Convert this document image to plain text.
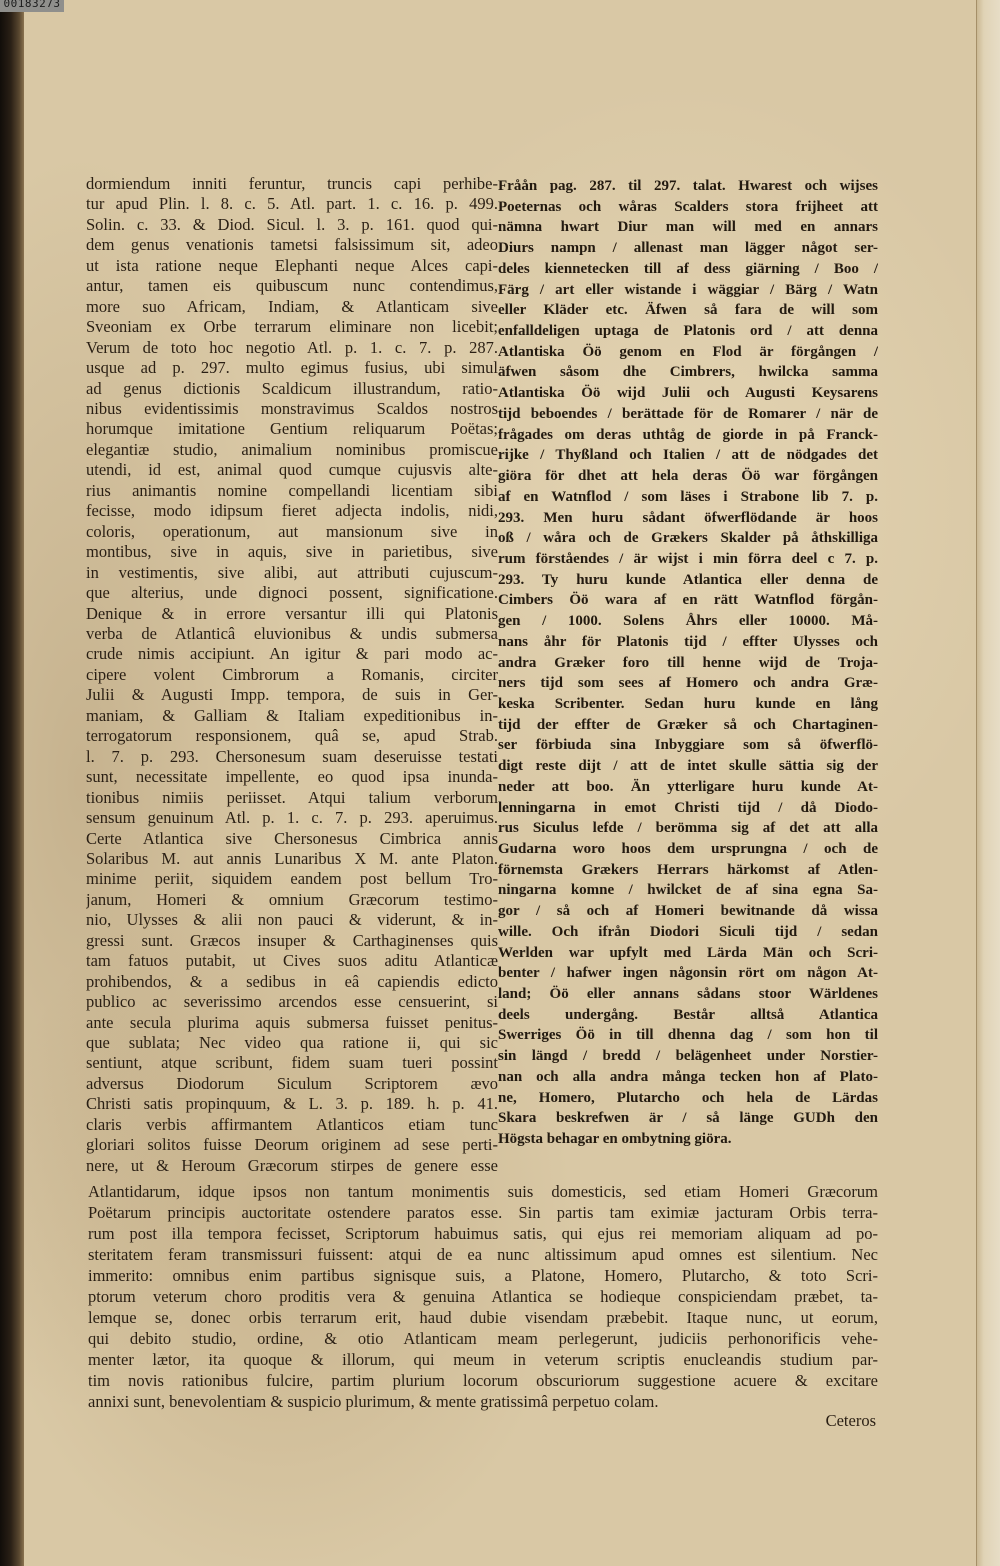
00183273
dormiendum inniti feruntur, truncis capi perhibe-
tur apud Plin. l. 8. c. 5. Atl. part. 1. c. 16. p. 499.
Solin. c. 33. & Diod. Sicul. l. 3. p. 161. quod qui-
dem genus venationis tametsi falsissimum sit, adeo
ut ista ratione neque Elephanti neque Alces capi-
antur, tamen eis quibuscum nunc contendimus,
more suo Africam, Indiam, & Atlanticam sive
Sveoniam ex Orbe terrarum eliminare non licebit;
Verum de toto hoc negotio Atl. p. 1. c. 7. p. 287.
usque ad p. 297. multo egimus fusius, ubi simul
ad genus dictionis Scaldicum illustrandum, ratio-
nibus evidentissimis monstravimus Scaldos nostros
horumque imitatione Gentium reliquarum Poëtas;
elegantiæ studio, animalium nominibus promiscue
utendi, id est, animal quod cumque cujusvis alte-
rius animantis nomine compellandi licentiam sibi
fecisse, modo idipsum fieret adjecta indolis, nidi,
coloris, operationum, aut mansionum sive in
montibus, sive in aquis, sive in parietibus, sive
in vestimentis, sive alibi, aut attributi cujuscum-
que alterius, unde dignoci possent, significatione.
Denique & in errore versantur illi qui Platonis
verba de Atlanticâ eluvionibus & undis submersa
crude nimis accipiunt. An igitur & pari modo ac-
cipere volent Cimbrorum a Romanis, circiter
Julii & Augusti Impp. tempora, de suis in Ger-
maniam, & Galliam & Italiam expeditionibus in-
terrogatorum responsionem, quâ se, apud Strab.
l. 7. p. 293. Chersonesum suam deseruisse testati
sunt, necessitate impellente, eo quod ipsa inunda-
tionibus nimiis periisset. Atqui talium verborum
sensum genuinum Atl. p. 1. c. 7. p. 293. aperuimus.
Certe Atlantica sive Chersonesus Cimbrica annis
Solaribus M. aut annis Lunaribus X M. ante Platon.
minime periit, siquidem eandem post bellum Tro-
janum, Homeri & omnium Græcorum testimo-
nio, Ulysses & alii non pauci & viderunt, & in-
gressi sunt. Græcos insuper & Carthaginenses quis
tam fatuos putabit, ut Cives suos aditu Atlanticæ
prohibendos, & a sedibus in eâ capiendis edicto
publico ac severissimo arcendos esse censuerint, si
ante secula plurima aquis submersa fuisset penitus-
que sublata; Nec video qua ratione ii, qui sic
sentiunt, atque scribunt, fidem suam tueri possint
adversus Diodorum Siculum Scriptorem ævo
Christi satis propinquum, & L. 3. p. 189. h. p. 41.
claris verbis affirmantem Atlanticos etiam tunc
gloriari solitos fuisse Deorum originem ad sese perti-
nere, ut & Heroum Græcorum stirpes de genere esse
Fråån pag. 287. til 297. talat. Hwarest och wijses
Poeternas och wåras Scalders stora frijheet att
nämna hwart Diur man will med en annars
Diurs nampn / allenast man lägger något ser-
deles kiennetecken till af dess giärning / Boo /
Färg / art eller wistande i wäggiar / Bärg / Watn
eller Kläder etc. Äfwen så fara de will som
enfalldeligen uptaga de Platonis ord / att denna
Atlantiska Öö genom en Flod är förgången /
äfwen såsom dhe Cimbrers, hwilcka samma
Atlantiska Öö wijd Julii och Augusti Keysarens
tijd beboendes / berättade för de Romarer / när de
frågades om deras uthtåg de giorde in på Franck-
rijke / Thyßland och Italien / att de nödgades det
giöra för dhet att hela deras Öö war förgången
af en Watnflod / som läses i Strabone lib 7. p.
293. Men huru sådant öfwerflödande är hoos
oß / wåra och de Grækers Skalder på åthskilliga
rum förståendes / är wijst i min förra deel c 7. p.
293. Ty huru kunde Atlantica eller denna de
Cimbers Öö wara af en rätt Watnflod förgån-
gen / 1000. Solens Åhrs eller 10000. Må-
nans åhr för Platonis tijd / effter Ulysses och
andra Græker foro till henne wijd de Troja-
ners tijd som sees af Homero och andra Græ-
keska Scribenter. Sedan huru kunde en lång
tijd der effter de Græker så och Chartaginen-
ser förbiuda sina Inbyggiare som så öfwerflö-
digt reste dijt / att de intet skulle sättia sig der
neder att boo. Än ytterligare huru kunde At-
lenningarna in emot Christi tijd / då Diodo-
rus Siculus lefde / berömma sig af det att alla
Gudarna woro hoos dem ursprungna / och de
förnemsta Grækers Herrars härkomst af Atlen-
ningarna komne / hwilcket de af sina egna Sa-
gor / så och af Homeri bewitnande då wissa
wille. Och ifrån Diodori Siculi tijd / sedan
Werlden war upfylt med Lärda Män och Scri-
benter / hafwer ingen någonsin rört om någon At-
land; Öö eller annans sådans stoor Wärldenes
deels undergång. Består alltså Atlantica
Swerriges Öö in till dhenna dag / som hon til
sin längd / bredd / belägenheet under Norstier-
nan och alla andra många tecken hon af Plato-
ne, Homero, Plutarcho och hela de Lärdas
Skara beskrefwen är / så länge GUDh den
Högsta behagar en ombytning giöra.
Atlantidarum, idque ipsos non tantum monimentis suis domesticis, sed etiam Homeri Græcorum
Poëtarum principis auctoritate ostendere paratos esse. Sin partis tam eximiæ jacturam Orbis terra-
rum post illa tempora fecisset, Scriptorum habuimus satis, qui ejus rei memoriam aliquam ad po-
steritatem feram transmissuri fuissent: atqui de ea nunc altissimum apud omnes est silentium. Nec
immerito: omnibus enim partibus signisque suis, a Platone, Homero, Plutarcho, & toto Scri-
ptorum veterum choro proditis vera & genuina Atlantica se hodieque conspiciendam præbet, ta-
lemque se, donec orbis terrarum erit, haud dubie visendam præbebit. Itaque nunc, ut eorum,
qui debito studio, ordine, & otio Atlanticam meam perlegerunt, judiciis perhonorificis vehe-
menter lætor, ita quoque & illorum, qui meum in veterum scriptis enucleandis studium par-
tim novis rationibus fulcire, partim plurium locorum obscuriorum suggestione acuere & excitare
annixi sunt, benevolentiam & suspicio plurimum, & mente gratissimâ perpetuo colam.
Ceteros
